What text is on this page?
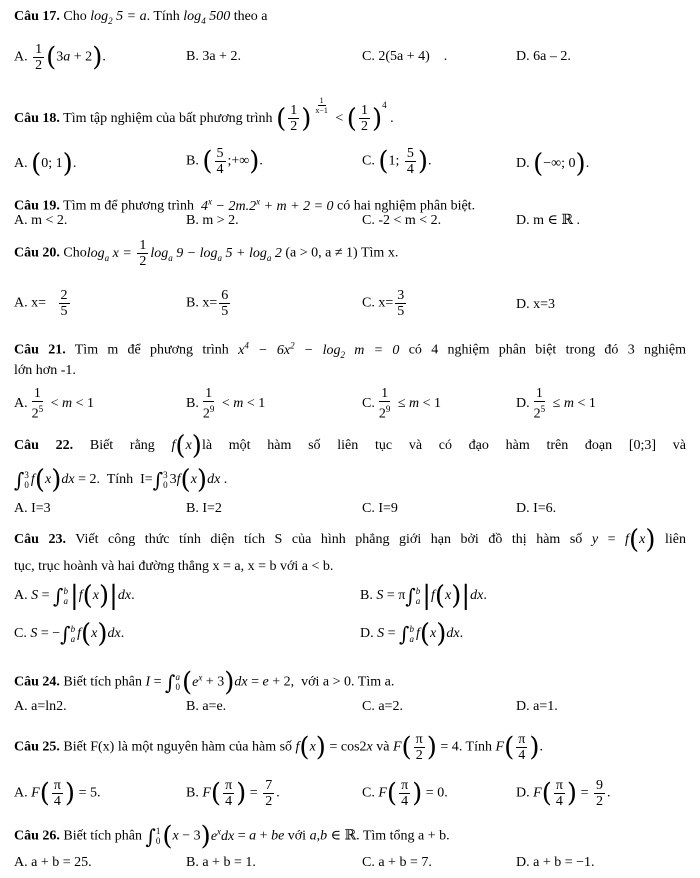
Câu 17. Cho $\log_2 5 = a$. Tính $\log_4 500$ theo a
A. $\frac{1}{2} (3a + 2)$.	B. 3a + 2.	C. 2(5a + 4)    .	D. 6a – 2.
Câu 18. Tìm tập nghiệm của bất phương trình ( $\frac{1}{2}$ ) $^{\frac{1}{x-1}}$
< ( $\frac{1}{2} )^4$ .
A. (0; 1).	B. ( $\frac{5}{4}$ ;+∞).	C. (1; $\frac{5}{4}$ ).	D. (−∞; 0).
Câu 19. Tìm m để phương trình  $4^x - 2m.2^x + m + 2 = 0$ có hai nghiệm phân biệt.
A. m < 2.	B. m > 2.	C. -2 < m < 2.	D. m ∈ ℝ .
Câu 20. Cholog$_a$ $x = \frac{1}{2} \log_a 9 - \log_a 5 + \log_a 2$ (a > 0, a ≠ 1) Tìm x.
A. $x= \frac{2}{5}$	B. $x= \frac{6}{5}$	C. $x= \frac{3}{5}$	D. x=3
Câu 21. Tìm m để phương trình $x^4 - 6x^2 - \log_2 m = 0$ có 4 nghiệm phân biệt trong đó 3 nghiệm
lớn hơn -1.
A. $\frac{1}{2^5} < m < 1$	B. $\frac{1}{2^9} < m < 1$	C. $\frac{1}{2^9} \le m < 1$	D. $\frac{1}{2^5} \le m < 1$
Câu 22. Biết rằng f(x)là một hàm số liên tục và có đạo hàm trên đoạn [0;3] và
∫ 3
0 f(x)dx = 2.  Tính  I=∫ 3
0 3f(x)dx .
A. I=3	B. I=2	C. I=9	D. I=6.
Câu 23. Viết công thức tính diện tích S của hình phẳng giới hạn bởi đồ thị hàm số y = f(x) liên
tục, trục hoành và hai đường thẳng x = a, x = b với a < b.
A. S = ∫ b
a |f(x)|dx.	B. S = π∫ b
a |f(x)|dx.
C. S = −∫ b
a f(x)dx.	D. S = ∫ b
a f(x)dx.
Câu 24. Biết tích phân I = ∫ a
0 $(e^x + 3)dx = e + 2$,  với a > 0. Tìm a.
A. a=ln2.	B. a=e.	C. a=2.	D. a=1.
Câu 25. Biết F(x) là một nguyên hàm của hàm số f(x) = cos2x và $F( \frac{\pi}{2}$ ) = 4. Tính $F( \frac{\pi}{4}$ ).
A. $F( \frac{\pi}{4}$ ) = 5.	B. $F( \frac{\pi}{4}$ ) = $\frac{7}{2}$ .	C. $F( \frac{\pi}{4}$ ) = 0.	D. $F( \frac{\pi}{4}$ ) = $\frac{9}{2}$ .
Câu 26. Biết tích phân ∫ 1
0 $(x - 3)e^xdx = a$ + be với a,b ∈ ℝ. Tìm tổng a + b.
A. a + b = 25.	B. a + b = 1.	C. a + b = 7.	D. a + b = −1.
